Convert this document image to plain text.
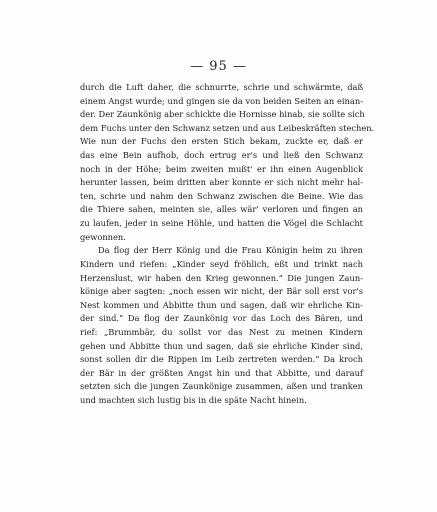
— 95 —

durch die Luft daher, die schnurrte, schrie und schwärmte, daß
einem Angst wurde; und gingen sie da von beiden Seiten an einan-
der. Der Zaunkönig aber schickte die Hornisse hinab, sie sollte sich
dem Fuchs unter den Schwanz setzen und aus Leibeskräften stechen.
Wie nun der Fuchs den ersten Stich bekam, zuckte er, daß er
das eine Bein aufhob, doch ertrug er's und ließ den Schwanz
noch in der Höhe; beim zweiten mußt' er ihn einen Augenblick
herunter lassen, beim dritten aber konnte er sich nicht mehr hal-
ten, schrie und nahm den Schwanz zwischen die Beine. Wie das
die Thiere sahen, meinten sie, alles wär' verloren und fingen an
zu laufen, jeder in seine Höhle, und hatten die Vögel die Schlacht
gewonnen.
Da flog der Herr König und die Frau Königin heim zu ihren
Kindern und riefen: „Kinder seyd fröhlich, eßt und trinkt nach
Herzenslust, wir haben den Krieg gewonnen.“ Die jungen Zaun-
könige aber sagten: „noch essen wir nicht, der Bär soll erst vor's
Nest kommen und Abbitte thun und sagen, daß wir ehrliche Kin-
der sind.“ Da flog der Zaunkönig vor das Loch des Bären, und
rief: „Brummbär, du sollst vor das Nest zu meinen Kindern
gehen und Abbitte thun und sagen, daß sie ehrliche Kinder sind,
sonst sollen dir die Rippen im Leib zertreten werden.“ Da kroch
der Bär in der größten Angst hin und that Abbitte, und darauf
setzten sich die jungen Zaunkönige zusammen, aßen und tranken
und machten sich lustig bis in die späte Nacht hinein.
